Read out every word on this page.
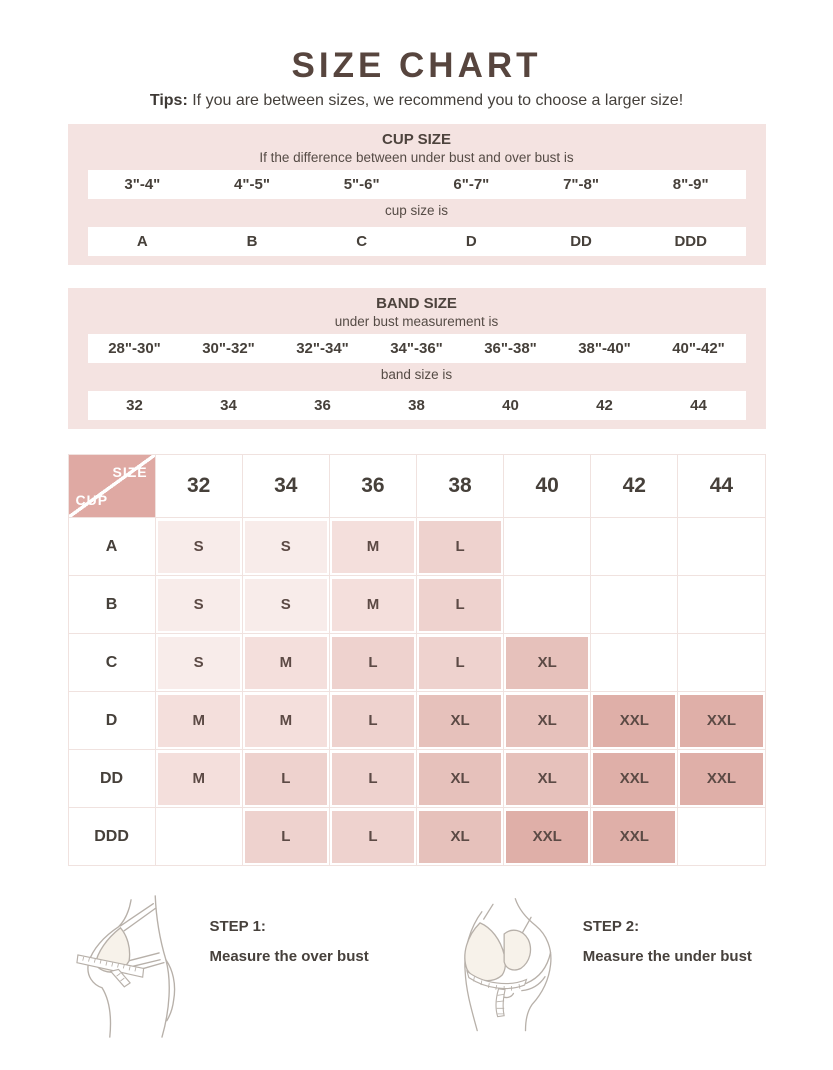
SIZE CHART
Tips: If you are between sizes, we recommend you to choose a larger size!
CUP SIZE
If the difference between under bust and over bust is
3"-4"	4"-5"	5"-6"	6"-7"	7"-8"	8"-9"
cup size is
A	B	C	D	DD	DDD
BAND SIZE
under bust measurement is
28"-30"	30"-32"	32"-34"	34"-36"	36"-38"	38"-40"	40"-42"
band size is
32	34	36	38	40	42	44
SIZE
CUP	32	34	36	38	40	42	44
A	S	S	M	L			

B	S	S	M	L			

C	S	M	L	L	XL		

D	M	M	L	XL	XL	XXL	XXL

DD	M	L	L	XL	XL	XXL	XXL

DDD		L	L	XL	XXL	XXL	

STEP 1:
Measure the over bust
STEP 2:
Measure the under bust
